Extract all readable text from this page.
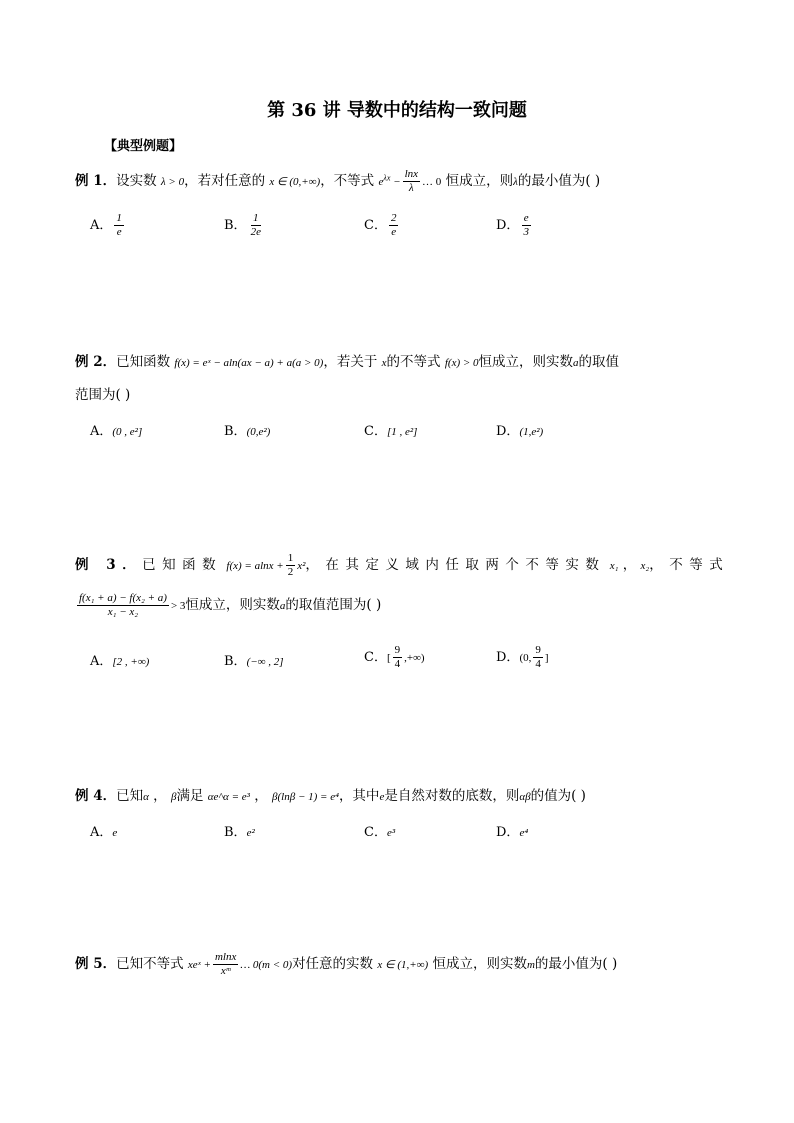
第 36 讲 导数中的结构一致问题
【典型例题】
例 1．设实数 λ > 0，若对任意的 x ∈ (0,+∞)，不等式 $e^{\lambda x} - \frac{\ln x}{\lambda}$ … 0 恒成立，则λ的最小值为( )
A． $\frac{1}{e}$	B． $\frac{1}{2e}$	C． $\frac{2}{e}$	D． $\frac{e}{3}$
例 2．已知函数 f(x) = eˣ − aln(ax − a) + a(a > 0)，若关于 x的不等式 f(x) > 0恒成立，则实数a的取值
范围为( )
A．(0 , e²]	B．(0,e²)	C．[1 , e²]	D．(1,e²)
例 3．已知函数 $f(x) = alnx + \frac{1}{2} x^2$，在其定义域内任取两个不等实数 x₁ ， x₂，不等式
$\frac{\text{f(x₁ + a) − f(x₂ + a)}}{\text{x₁ − x₂}} > 3$恒成立，则实数a的取值范围为( )
A．[2 , +∞)	B．(−∞ , 2]	C．[ $\frac{9}{4}$ ,+∞)	D．(0, $\frac{9}{4}$ ]
例 4．已知α ， β满足 αe^α = e³ ， β(lnβ − 1) = e⁴，其中e是自然对数的底数，则αβ的值为( )
A．e	B．e²	C．e³	D．e⁴
例 5．已知不等式 xeˣ + $\frac{mlnx}{\text{xᵐ}}$ … 0(m < 0)对任意的实数 x ∈ (1,+∞) 恒成立，则实数m的最小值为( )
